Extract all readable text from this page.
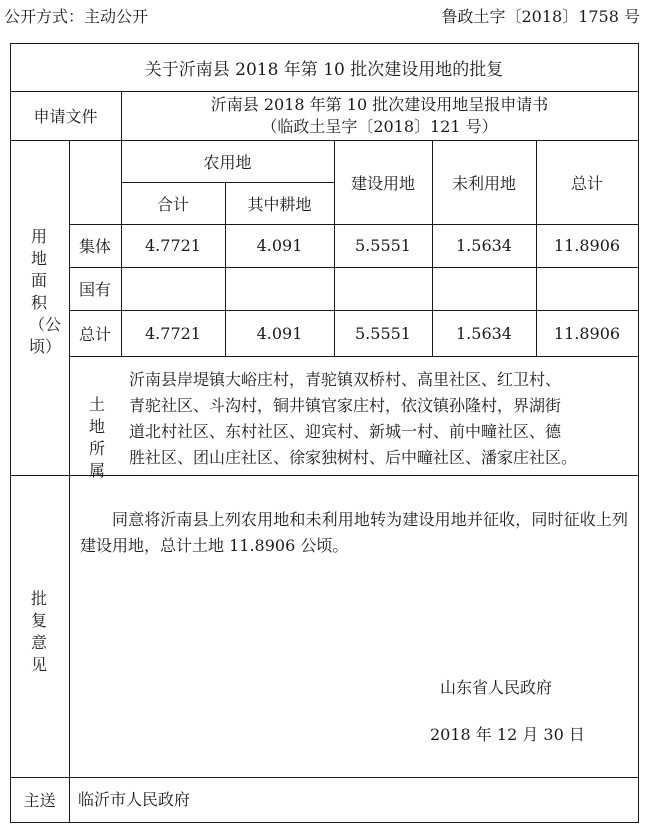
公开方式：主动公开	鲁政土字〔2018〕1758 号
关于沂南县 2018 年第 10 批次建设用地的批复
申请文件
沂南县 2018 年第 10 批次建设用地呈报申请书
（临政土呈字〔2018〕121 号）
用地面积（公顷）
农用地
合计	其中耕地
建设用地	未利用地	总计
集体	4.7721	4.091	5.5551	1.5634	11.8906
国有
总计	4.7721	4.091	5.5551	1.5634	11.8906
土地所属
沂南县岸堤镇大峪庄村，青驼镇双桥村、高里社区、红卫村、
青驼社区、斗沟村，铜井镇官家庄村，依汶镇孙隆村，界湖街
道北村社区、东村社区、迎宾村、新城一村、前中疃社区、德
胜社区、团山庄社区、徐家独树村、后中疃社区、潘家庄社区。
批复意见
同意将沂南县上列农用地和未利用地转为建设用地并征收，同时征收上列建设用地，总计土地 11.8906 公顷。
山东省人民政府
2018 年 12 月 30 日
主送	临沂市人民政府
